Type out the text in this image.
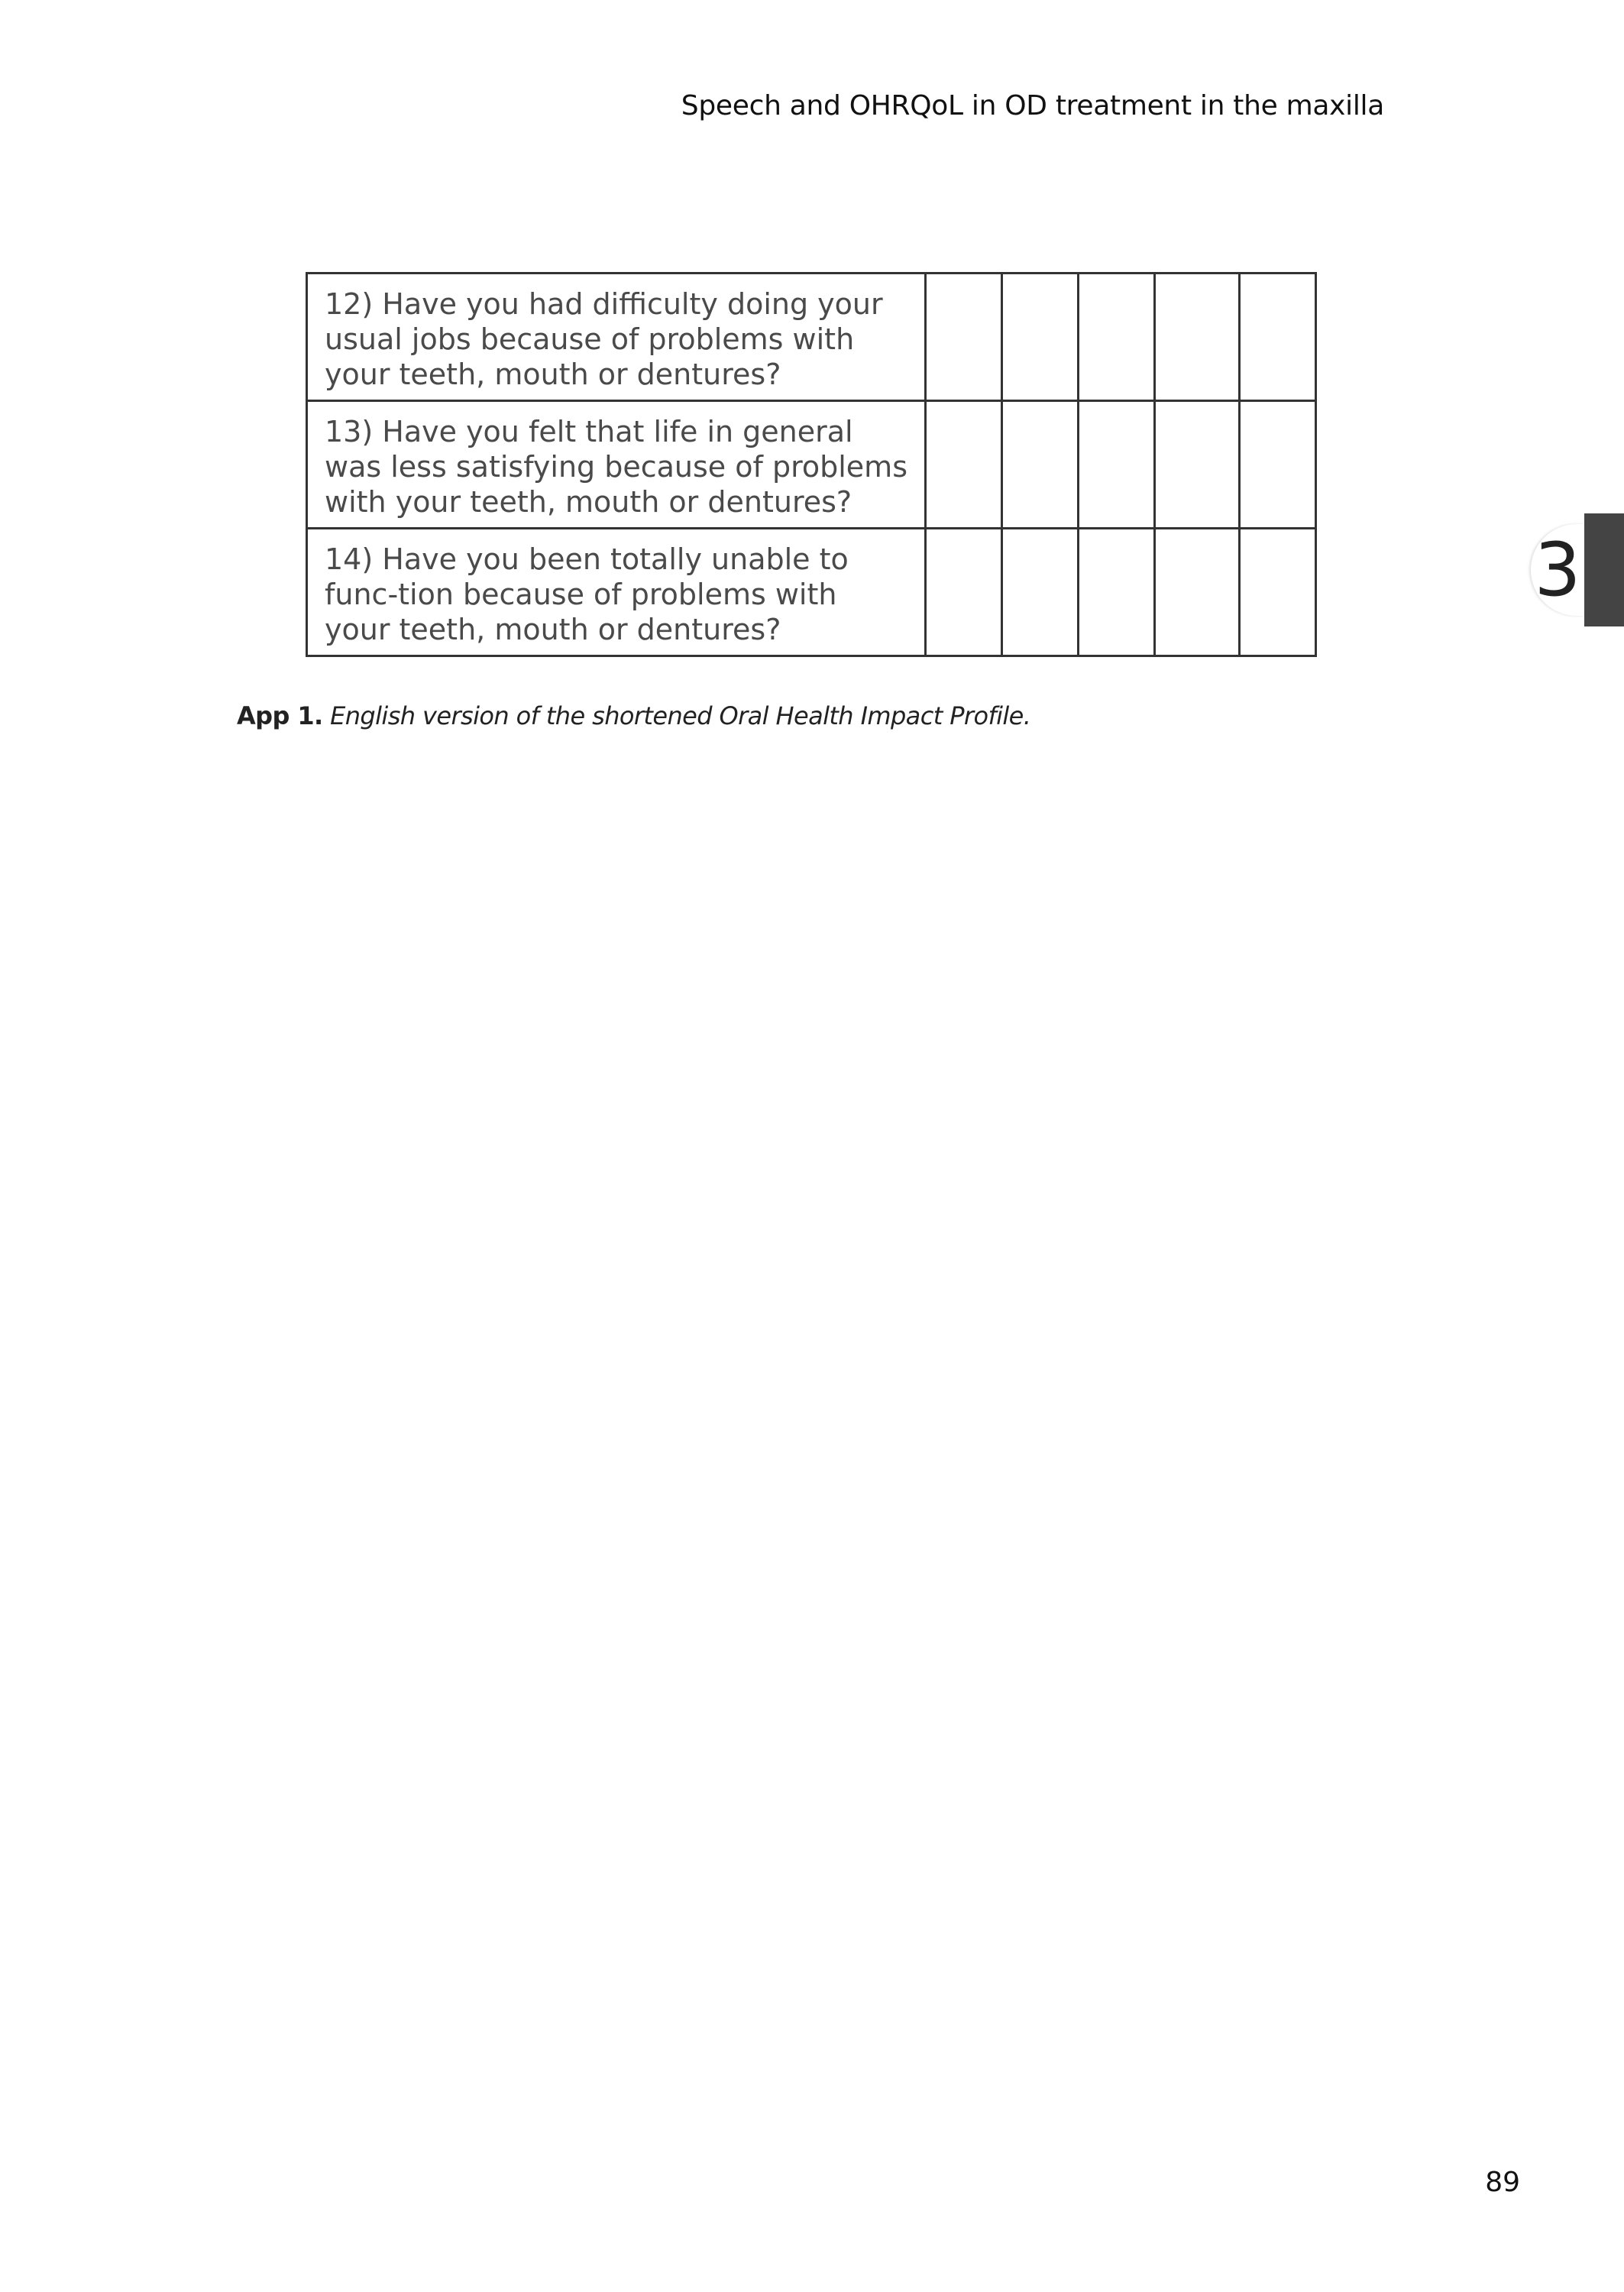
Speech and OHRQoL in OD treatment in the maxilla
3
12) Have you had difficulty doing your usual jobs because of problems with your teeth, mouth or dentures?					
13) Have you felt that life in general was less satisfying because of problems with your teeth, mouth or dentures?					
14) Have you been totally unable to func-tion because of problems with your teeth, mouth or dentures?					
App 1. English version of the shortened Oral Health Impact Profile.
89
